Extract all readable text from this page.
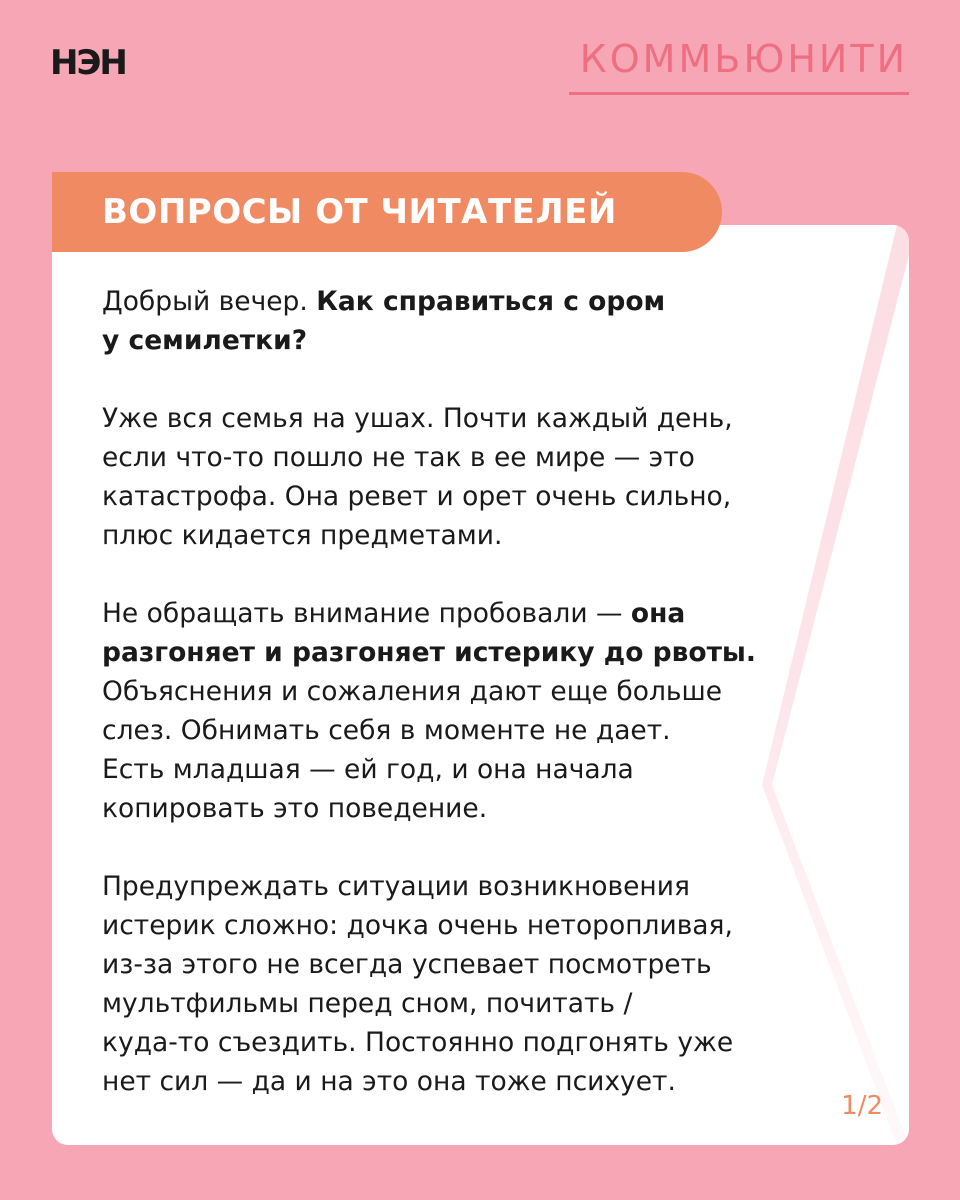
НЭН	КОММЬЮНИТИ
Добрый вечер. Как справиться с ором
у семилетки?
Уже вся семья на ушах. Почти каждый день,
если что-то пошло не так в ее мире — это
катастрофа. Она ревет и орет очень сильно,
плюс кидается предметами.
Не обращать внимание пробовали — она
разгоняет и разгоняет истерику до рвоты.
Объяснения и сожаления дают еще больше
слез. Обнимать себя в моменте не дает.
Есть младшая — ей год, и она начала
копировать это поведение.
Предупреждать ситуации возникновения
истерик сложно: дочка очень неторопливая,
из-за этого не всегда успевает посмотреть
мультфильмы перед сном, почитать /
куда-то съездить. Постоянно подгонять уже
нет сил — да и на это она тоже психует.
1/2
ВОПРОСЫ ОТ ЧИТАТЕЛЕЙ
